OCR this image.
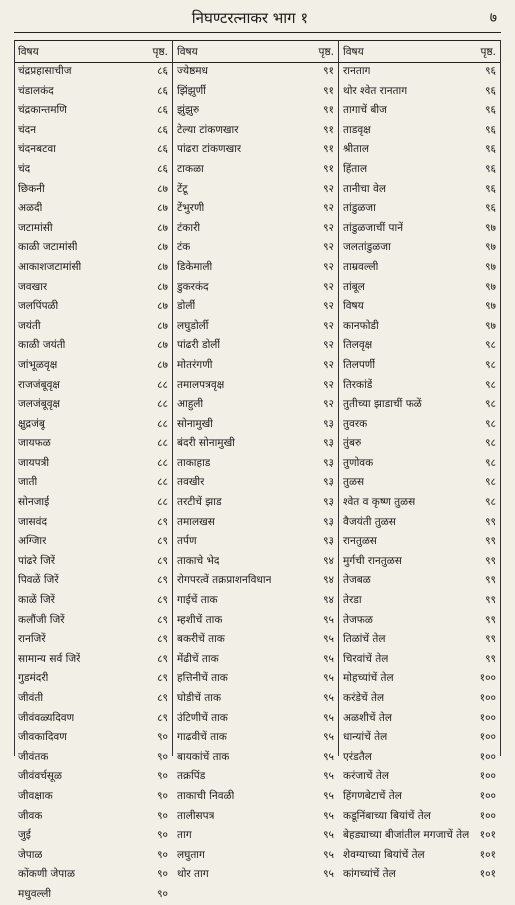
निघण्टरत्नाकर भाग १	७
विषय	पृष्ठ.
चंद्रप्रहासाचीज	८६
चंडालकंद	८६
चंद्रकान्तमणि	८६
चंदन	८६
चंदनबटवा	८६
चंद	८६
छिकनी	८७
अळदी	८७
जटामांसी	८७
काळी जटामांसी	८७
आकाशजटामांसी	८७
जवखार	८७
जलपिंपळी	८७
जयंती	८७
काळी जयंती	८७
जांभूळवृक्ष	८७
राजजंबूवृक्ष	८८
जलजंबूवृक्ष	८८
क्षुद्रजंबू	८८
जायफळ	८८
जायपत्री	८८
जाती	८८
सोनजाई	८८
जासवंद	८९
अग्जिार	८९
पांढरे जिरें	८९
पिवळें जिरें	८९
काळें जिरें	८९
कलौंजी जिरें	८९
रानजिरें	८९
सामान्य सर्व जिरें	८९
गुडमंदरी	८९
जीवंती	८९
जीवंवळ्यदिवण	८९
जीवकादिवण	९०
जीवंतक	९०
जीवंवर्चसूळ	९०
जीवक्षाक	९०
जीवक	९०
जुई	९०
जेपाळ	९०
कोंकणी जेपाळ	९०
मधुवल्ली	९०
विषय	पृष्ठ.
ज्येष्ठमध	९१
झिंझुर्णी	९१
झुंझुरु	९१
टेल्या टांकणखार	९१
पांढरा टांकणखार	९१
टाकळा	९१
टेंटू	९२
टेंभुरणी	९२
टंकारी	९२
टंक	९२
डिकेमाली	९२
डुकरकंद	९२
डोर्ली	९२
लघुडोर्ली	९२
पांढरी डोर्ली	९२
मोतरंगणी	९२
तमालपत्रवृक्ष	९२
आहुली	९२
सोनामुखी	९३
बंदरी सोनामुखी	९३
ताकाहाड	९३
तवखीर	९३
तरटीचें झाड	९३
तमालखस	९३
तर्पण	९३
ताकाचे भेद	९४
रोगपरत्वें तक्रप्राशनविधान	९४
गाईचें ताक	९४
म्हशीचें ताक	९५
बकरीचें ताक	९५
मेंढीचें ताक	९५
हत्तिनीचें ताक	९५
घोडीचें ताक	९५
उंटिणीचें ताक	९५
गाढवीचें ताक	९५
बायकांचें ताक	९५
तक्रपिंड	९५
ताकाची निवळी	९५
तालीसपत्र	९५
ताग	९५
लघुताग	९५
थोर ताग	९५
विषय	पृष्ठ.
रानताग	९६
थोर श्वेत रानताग	९६
तागाचें बीज	९६
ताडवृक्ष	९६
श्रीताल	९६
हिंताल	९६
तानीचा वेल	९६
तांडुळजा	९६
तांडुळजाचीं पानें	९७
जलतांडुळजा	९७
ताम्रवल्ली	९७
तांबूल	९७
विषय	९७
कानफोडी	९७
तिलवृक्ष	९८
तिलपर्णी	९८
तिरकांडें	९८
तुतीच्या झाडाचीं फळें	९८
तुवरक	९८
तुंबरु	९८
तुणोवक	९८
तुळस	९८
श्वेत व कृष्ण तुळस	९८
वैजयंती तुळस	९९
रानतुळस	९९
मुर्गची रानतुळस	९९
तेजबळ	९९
तेरडा	९९
तेजफळ	९९
तिळांचें तेल	९९
चिरवांचें तेल	९९
मोहच्यांचें तेल	१००
करंडेचें तेल	१००
अळशीचें तेल	१००
धान्यांचें तेल	१००
एरंडतैल	१००
करंजाचें तेल	१००
हिंगणबेटाचें तेल	१००
कडूनिंबाच्या बियांचें तेल	१००
बेहड्याच्या बीजांतील मगजाचें तेल १०१
शेवग्याच्या बियांचें तेल	१०१
कांगच्यांचें तेल	१०१
